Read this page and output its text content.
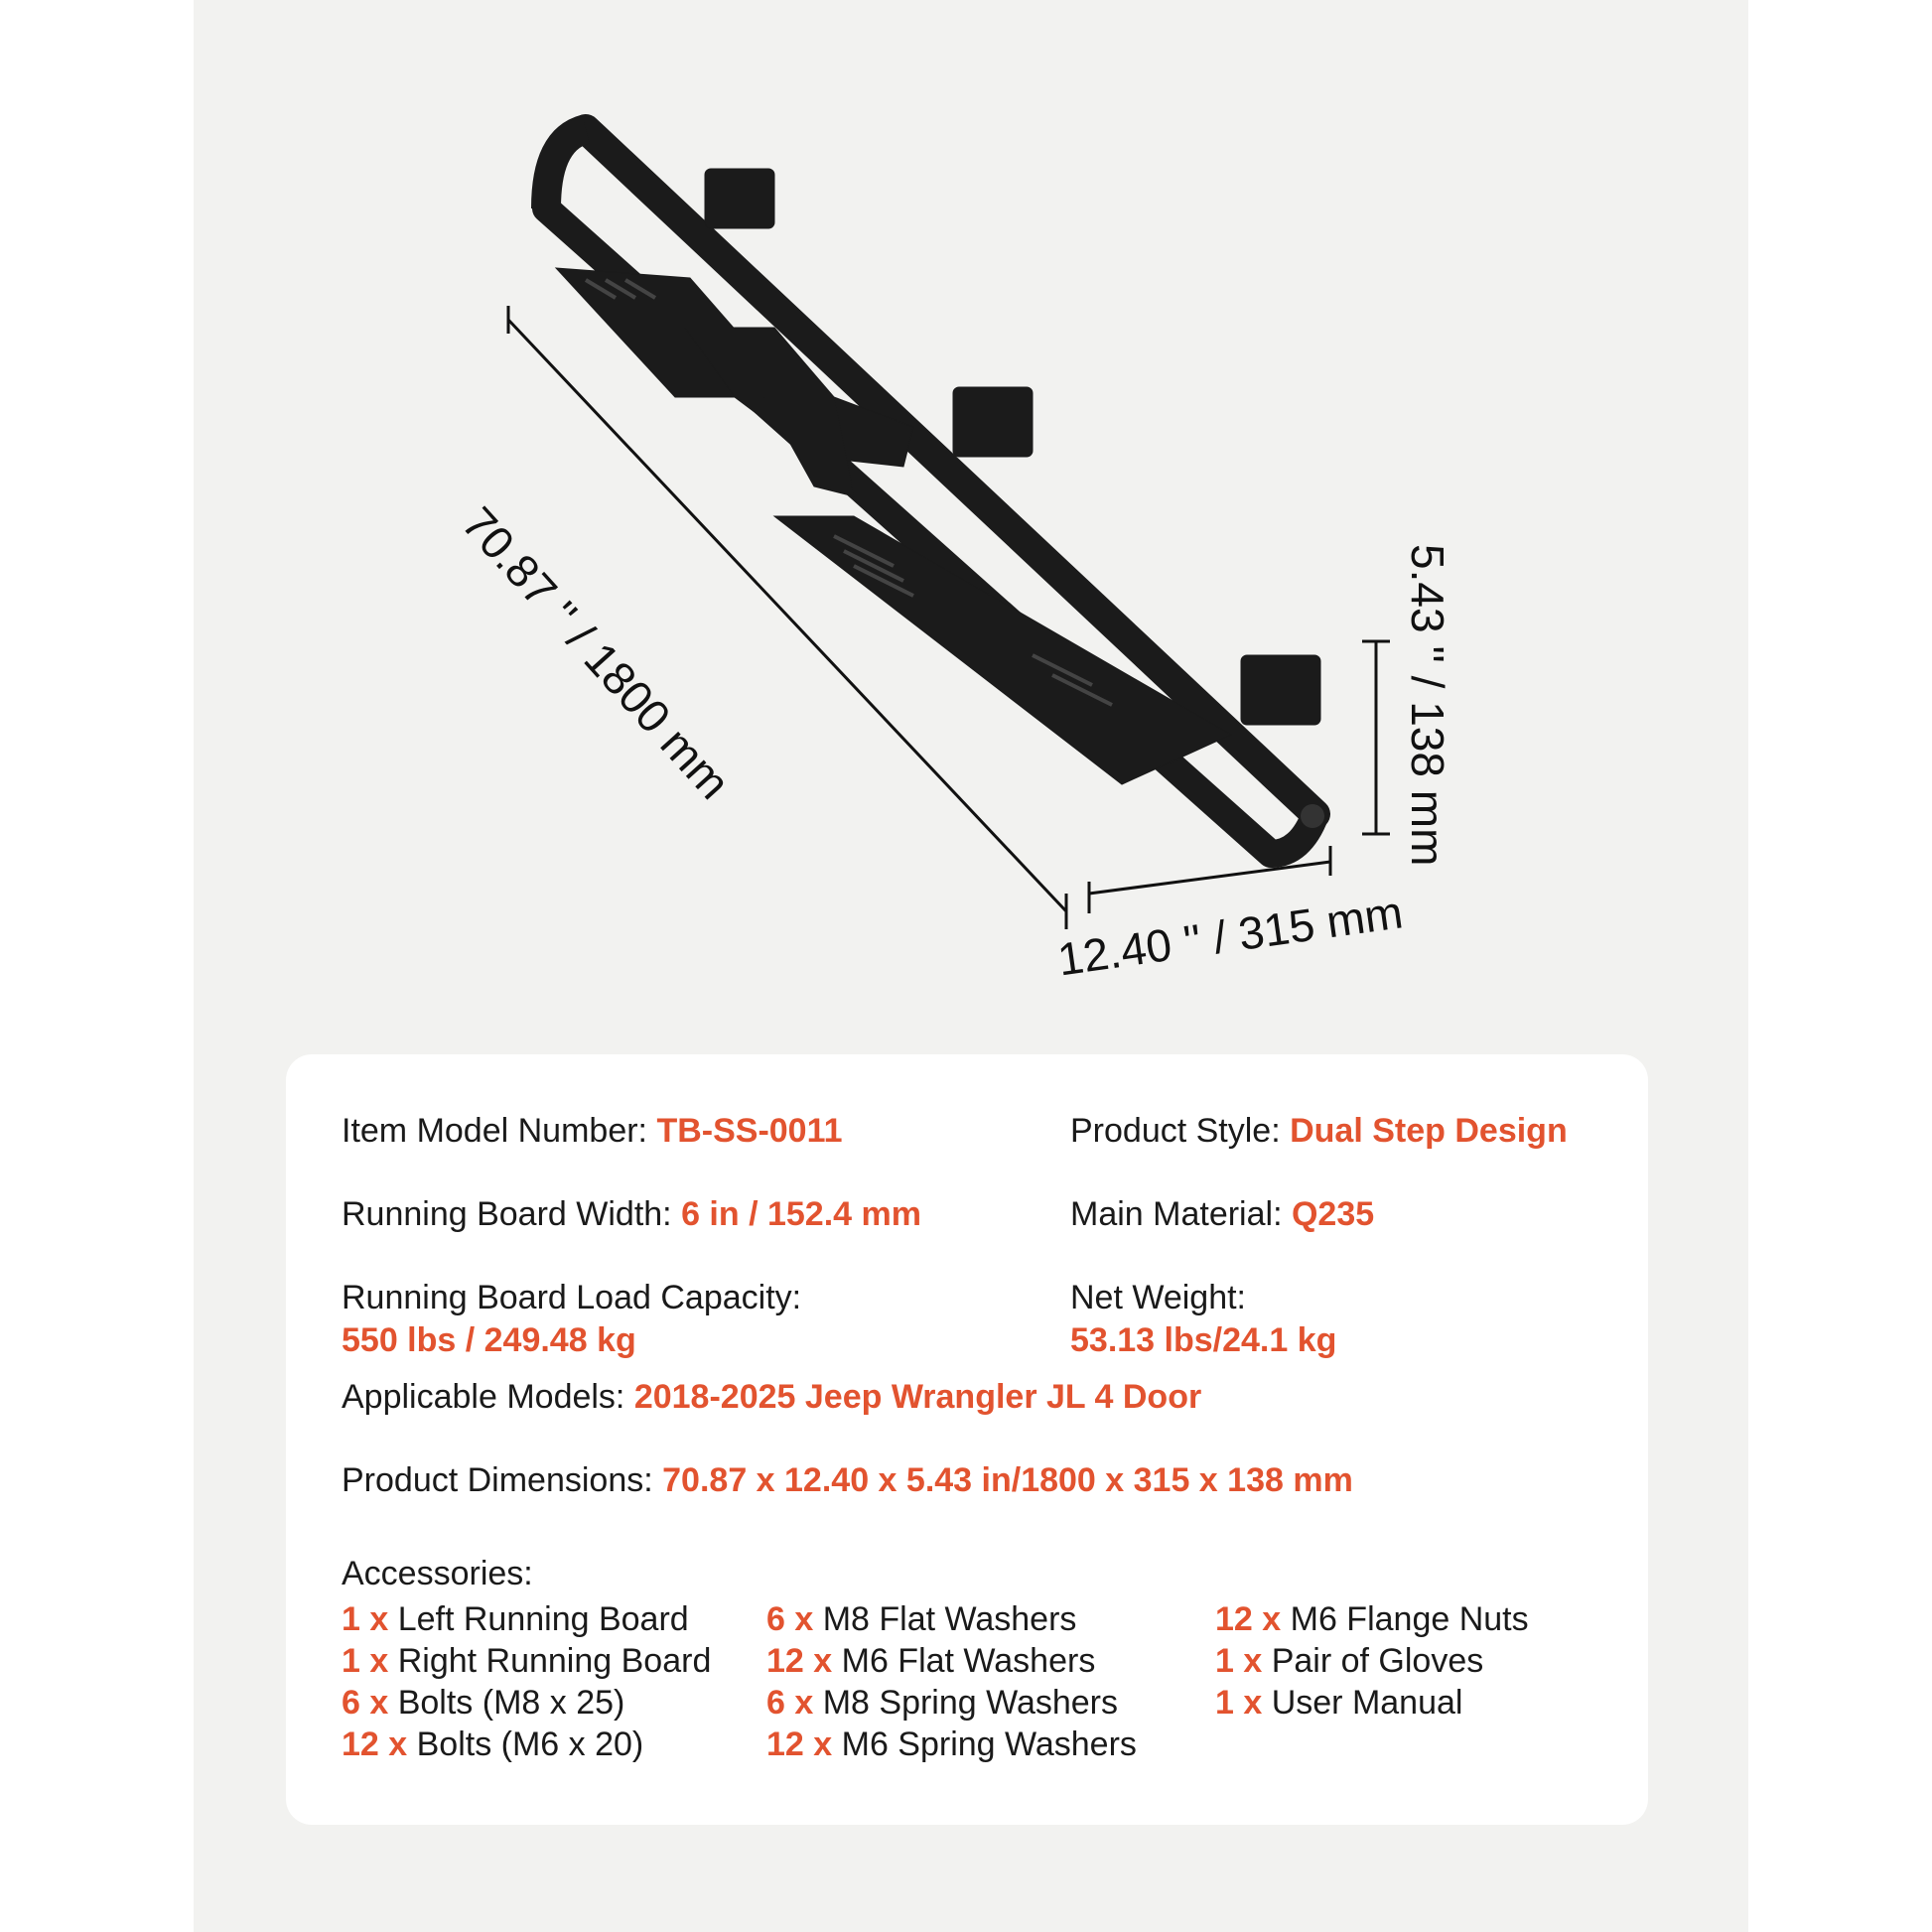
70.87 '' / 1800 mm
12.40 '' / 315 mm
5.43 '' / 138 mm
Item Model Number: TB-SS-0011	Product Style: Dual Step Design
Running Board Width: 6 in / 152.4 mm	Main Material: Q235
Running Board Load Capacity:
550 lbs / 249.48 kg
Net Weight:
53.13 lbs/24.1 kg
Applicable Models: 2018-2025 Jeep Wrangler JL 4 Door
Product Dimensions: 70.87 x 12.40 x 5.43 in/1800 x 315 x 138 mm
Accessories:
1 x Left Running Board
1 x Right Running Board
6 x Bolts (M8 x 25)
12 x Bolts (M6 x 20)
6 x M8 Flat Washers
12 x M6 Flat Washers
6 x M8 Spring Washers
12 x M6 Spring Washers
12 x M6 Flange Nuts
1 x Pair of Gloves
1 x User Manual
